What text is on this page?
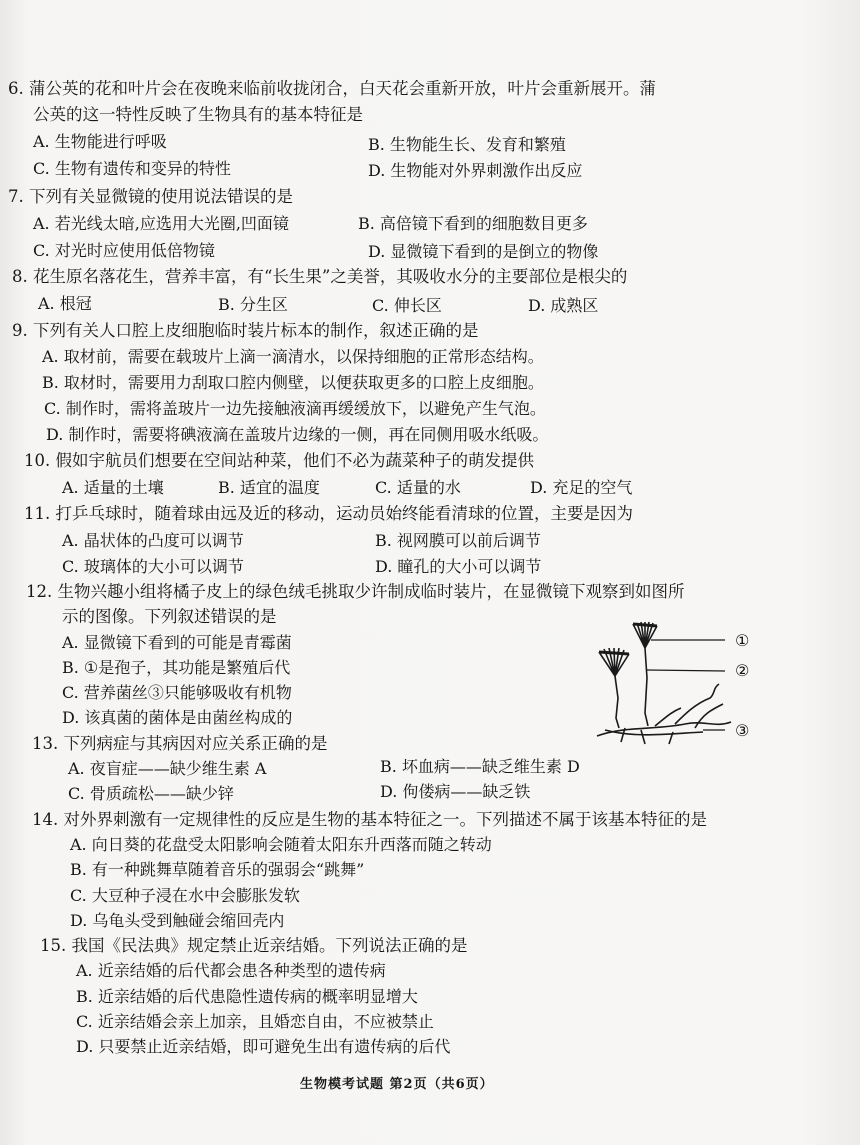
6. 蒲公英的花和叶片会在夜晚来临前收拢闭合，白天花会重新开放，叶片会重新展开。蒲
公英的这一特性反映了生物具有的基本特征是
A. 生物能进行呼吸	B. 生物能生长、发育和繁殖
C. 生物有遗传和变异的特性	D. 生物能对外界刺激作出反应
7. 下列有关显微镜的使用说法错误的是
A. 若光线太暗,应选用大光圈,凹面镜	B. 高倍镜下看到的细胞数目更多
C. 对光时应使用低倍物镜	D. 显微镜下看到的是倒立的物像
8. 花生原名落花生，营养丰富，有“长生果”之美誉，其吸收水分的主要部位是根尖的
A. 根冠	B. 分生区	C. 伸长区	D. 成熟区
9. 下列有关人口腔上皮细胞临时装片标本的制作，叙述正确的是
A. 取材前，需要在载玻片上滴一滴清水，以保持细胞的正常形态结构。
B. 取材时，需要用力刮取口腔内侧壁，以便获取更多的口腔上皮细胞。
C. 制作时，需将盖玻片一边先接触液滴再缓缓放下，以避免产生气泡。
D. 制作时，需要将碘液滴在盖玻片边缘的一侧，再在同侧用吸水纸吸。
10. 假如宇航员们想要在空间站种菜，他们不必为蔬菜种子的萌发提供
A. 适量的土壤	B. 适宜的温度	C. 适量的水	D. 充足的空气
11. 打乒乓球时，随着球由远及近的移动，运动员始终能看清球的位置，主要是因为
A. 晶状体的凸度可以调节	B. 视网膜可以前后调节
C. 玻璃体的大小可以调节	D. 瞳孔的大小可以调节
12. 生物兴趣小组将橘子皮上的绿色绒毛挑取少许制成临时装片，在显微镜下观察到如图所
示的图像。下列叙述错误的是
A. 显微镜下看到的可能是青霉菌
B. ①是孢子，其功能是繁殖后代
C. 营养菌丝③只能够吸收有机物
D. 该真菌的菌体是由菌丝构成的
①
②
③
13. 下列病症与其病因对应关系正确的是
A. 夜盲症——缺少维生素 A	B. 坏血病——缺乏维生素 D
C. 骨质疏松——缺少锌	D. 佝偻病——缺乏铁
14. 对外界刺激有一定规律性的反应是生物的基本特征之一。下列描述不属于该基本特征的是
A. 向日葵的花盘受太阳影响会随着太阳东升西落而随之转动
B. 有一种跳舞草随着音乐的强弱会“跳舞”
C. 大豆种子浸在水中会膨胀发软
D. 乌龟头受到触碰会缩回壳内
15. 我国《民法典》规定禁止近亲结婚。下列说法正确的是
A. 近亲结婚的后代都会患各种类型的遗传病
B. 近亲结婚的后代患隐性遗传病的概率明显增大
C. 近亲结婚会亲上加亲，且婚恋自由，不应被禁止
D. 只要禁止近亲结婚，即可避免生出有遗传病的后代
生物模考试题 第2页（共6页）
